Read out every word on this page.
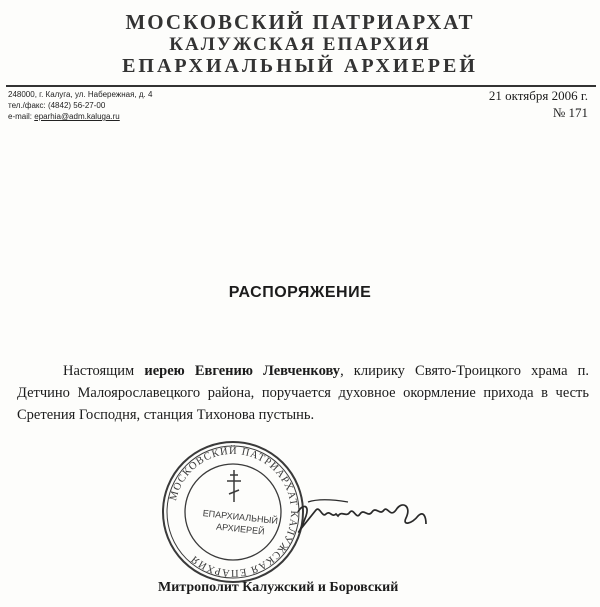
МОСКОВСКИЙ ПАТРИАРХАТ
КАЛУЖСКАЯ ЕПАРХИЯ
ЕПАРХИАЛЬНЫЙ АРХИЕРЕЙ
248000, г. Калуга, ул. Набережная, д. 4
тел./факс: (4842) 56-27-00
e-mail: eparhia@adm.kaluga.ru
21 октября 2006 г.
№ 171
РАСПОРЯЖЕНИЕ
Настоящим иерею Евгению Левченкову, клирику Свято-Троицкого храма п. Детчино Малоярославецкого района, поручается духовное окормление прихода в честь Сретения Господня, станция Тихонова пустынь.
МОСКОВСКИЙ ПАТРИАРХАТ КАЛУЖСКАЯ ЕПАРХИЯ
ЕПАРХИАЛЬНЫЙ
АРХИЕРЕЙ
Митрополит Калужский и Боровский
